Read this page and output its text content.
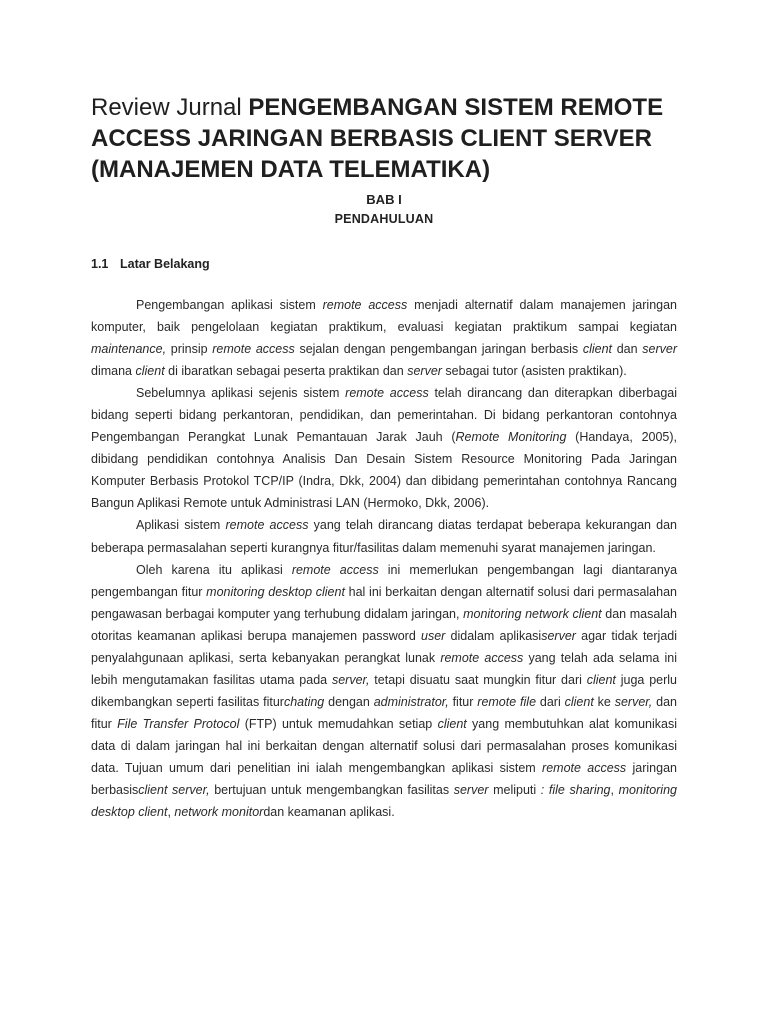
Review Jurnal PENGEMBANGAN SISTEM REMOTE ACCESS JARINGAN BERBASIS CLIENT SERVER (MANAJEMEN DATA TELEMATIKA)
BAB I
PENDAHULUAN
1.1 Latar Belakang

Pengembangan aplikasi sistem remote access menjadi alternatif dalam manajemen jaringan komputer, baik pengelolaan kegiatan praktikum, evaluasi kegiatan praktikum sampai kegiatan maintenance, prinsip remote access sejalan dengan pengembangan jaringan berbasis client dan server dimana client di ibaratkan sebagai peserta praktikan dan server sebagai tutor (asisten praktikan).

Sebelumnya aplikasi sejenis sistem remote access telah dirancang dan diterapkan diberbagai bidang seperti bidang perkantoran, pendidikan, dan pemerintahan. Di bidang perkantoran contohnya Pengembangan Perangkat Lunak Pemantauan Jarak Jauh (Remote Monitoring (Handaya, 2005), dibidang pendidikan contohnya Analisis Dan Desain Sistem Resource Monitoring Pada Jaringan Komputer Berbasis Protokol TCP/IP (Indra, Dkk, 2004) dan dibidang pemerintahan contohnya Rancang Bangun Aplikasi Remote untuk Administrasi LAN (Hermoko, Dkk, 2006).

Aplikasi sistem remote access yang telah dirancang diatas terdapat beberapa kekurangan dan beberapa permasalahan seperti kurangnya fitur/fasilitas dalam memenuhi syarat manajemen jaringan.

Oleh karena itu aplikasi remote access ini memerlukan pengembangan lagi diantaranya pengembangan fitur monitoring desktop client hal ini berkaitan dengan alternatif solusi dari permasalahan pengawasan berbagai komputer yang terhubung didalam jaringan, monitoring network client dan masalah otoritas keamanan aplikasi berupa manajemen password user didalam aplikasiserver agar tidak terjadi penyalahgunaan aplikasi, serta kebanyakan perangkat lunak remote access yang telah ada selama ini lebih mengutamakan fasilitas utama pada server, tetapi disuatu saat mungkin fitur dari client juga perlu dikembangkan seperti fasilitas fiturchating dengan administrator, fitur remote file dari client ke server, dan fitur File Transfer Protocol (FTP) untuk memudahkan setiap client yang membutuhkan alat komunikasi data di dalam jaringan hal ini berkaitan dengan alternatif solusi dari permasalahan proses komunikasi data. Tujuan umum dari penelitian ini ialah mengembangkan aplikasi sistem remote access jaringan berbasisclient server, bertujuan untuk mengembangkan fasilitas server meliputi : file sharing, monitoring desktop client, network monitordan keamanan aplikasi.
